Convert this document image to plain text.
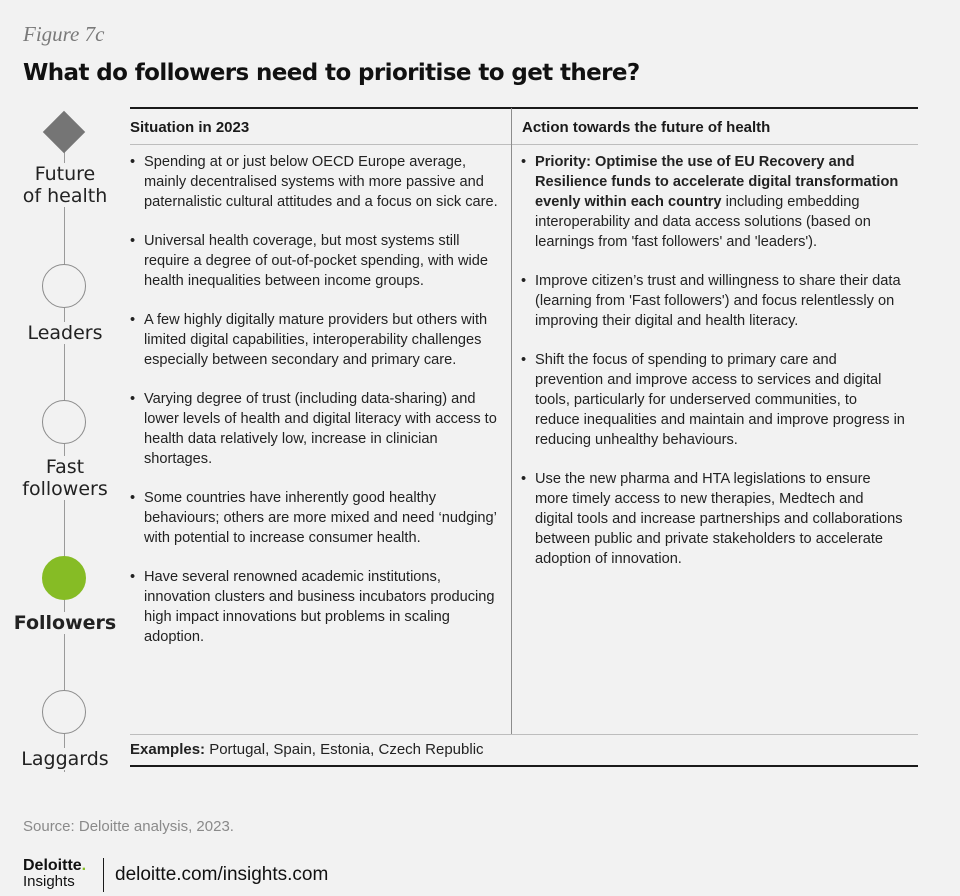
Figure 7c
What do followers need to prioritise to get there?
Future
of health
Leaders
Fast
followers
Followers
Laggards
Situation in 2023	Action towards the future of health
• Spending at or just below OECD Europe average, mainly decentralised systems with more passive and paternalistic cultural attitudes and a focus on sick care.
• Universal health coverage, but most systems still require a degree of out-of-pocket spending, with wide health inequalities between income groups.
• A few highly digitally mature providers but others with limited digital capabilities, interoperability challenges especially between secondary and primary care.
• Varying degree of trust (including data-sharing) and lower levels of health and digital literacy with access to health data relatively low, increase in clinician shortages.
• Some countries have inherently good healthy behaviours; others are more mixed and need ‘nudging’ with potential to increase consumer health.
• Have several renowned academic institutions, innovation clusters and business incubators producing high impact innovations but problems in scaling adoption.
• Priority: Optimise the use of EU Recovery and Resilience funds to accelerate digital transformation evenly within each country including embedding interoperability and data access solutions (based on learnings from 'fast followers' and 'leaders').
• Improve citizen’s trust and willingness to share their data (learning from 'Fast followers') and focus relentlessly on improving their digital and health literacy.
• Shift the focus of spending to primary care and prevention and improve access to services and digital tools, particularly for underserved communities, to reduce inequalities and maintain and improve progress in reducing unhealthy behaviours.
• Use the new pharma and HTA legislations to ensure more timely access to new therapies, Medtech and digital tools and increase partnerships and collaborations between public and private stakeholders to accelerate adoption of innovation.
Examples: Portugal, Spain, Estonia, Czech Republic
Source: Deloitte analysis, 2023.
Deloitte.
Insights	deloitte.com/insights.com
